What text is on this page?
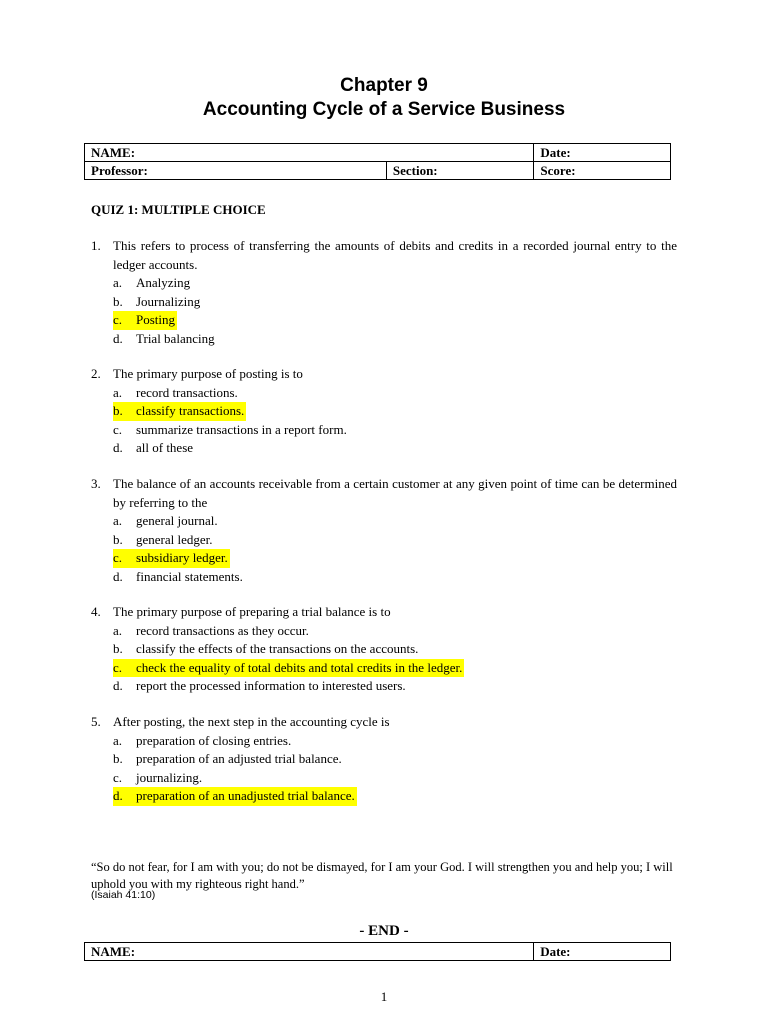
Chapter 9
Accounting Cycle of a Service Business
NAME:		Date:
Professor:	Section:	Score:
QUIZ 1: MULTIPLE CHOICE
1. This refers to process of transferring the amounts of debits and credits in a recorded journal entry to the ledger accounts.
a.	Analyzing
b.	Journalizing
c.	Posting
d.	Trial balancing
2. The primary purpose of posting is to
a.	record transactions.
b.	classify transactions.
c.	summarize transactions in a report form.
d.	all of these
3. The balance of an accounts receivable from a certain customer at any given point of time can be determined by referring to the
a.	general journal.
b.	general ledger.
c.	subsidiary ledger.
d.	financial statements.
4. The primary purpose of preparing a trial balance is to
a.	record transactions as they occur.
b.	classify the effects of the transactions on the accounts.
c.	check the equality of total debits and total credits in the ledger.
d.	report the processed information to interested users.
5. After posting, the next step in the accounting cycle is
a.	preparation of closing entries.
b.	preparation of an adjusted trial balance.
c.	journalizing.
d.	preparation of an unadjusted trial balance.
“So do not fear, for I am with you; do not be dismayed, for I am your God. I will strengthen you and help you; I will uphold you with my righteous right hand.”
(Isaiah 41:10)
- END -
NAME:	Date:
1
